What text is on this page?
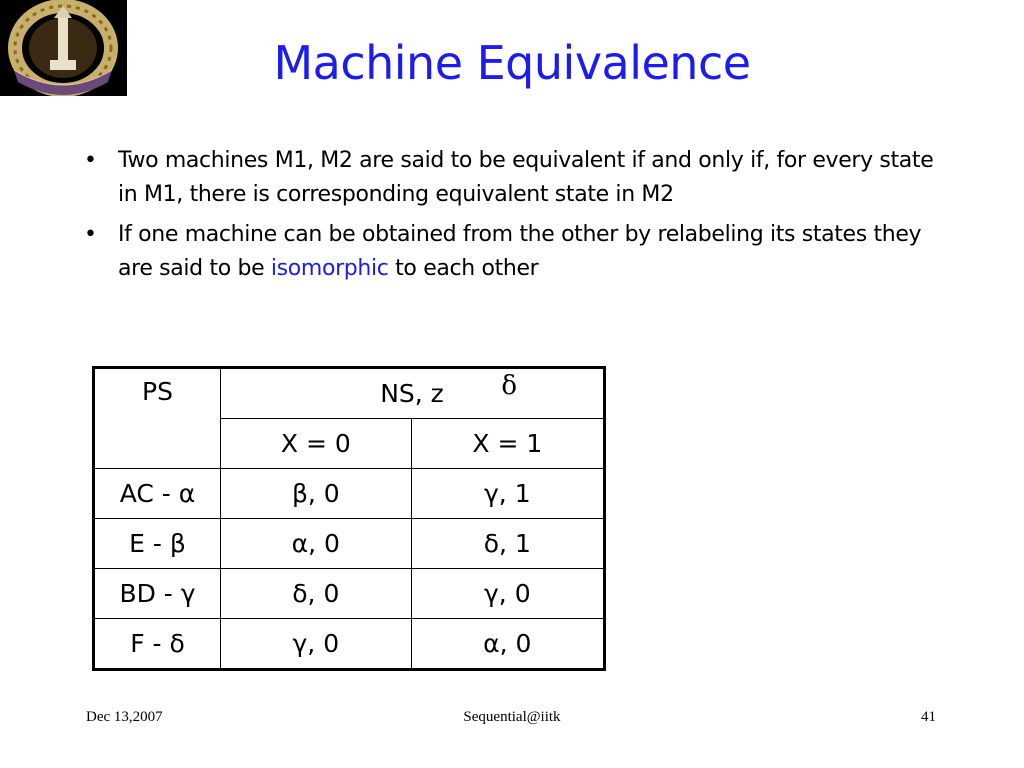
Machine Equivalence
• Two machines M1, M2 are said to be equivalent if and only if, for every state in M1, there is corresponding equivalent state in M2
• If one machine can be obtained from the other by relabeling its states they are said to be isomorphic to each other
PS	NS, z δ	

	X = 0	X = 1
AC - α	β, 0	γ, 1
E - β	α, 0	δ, 1
BD - γ	δ, 0	γ, 0
F - δ	γ, 0	α, 0
Dec 13,2007	Sequential@iitk	41
